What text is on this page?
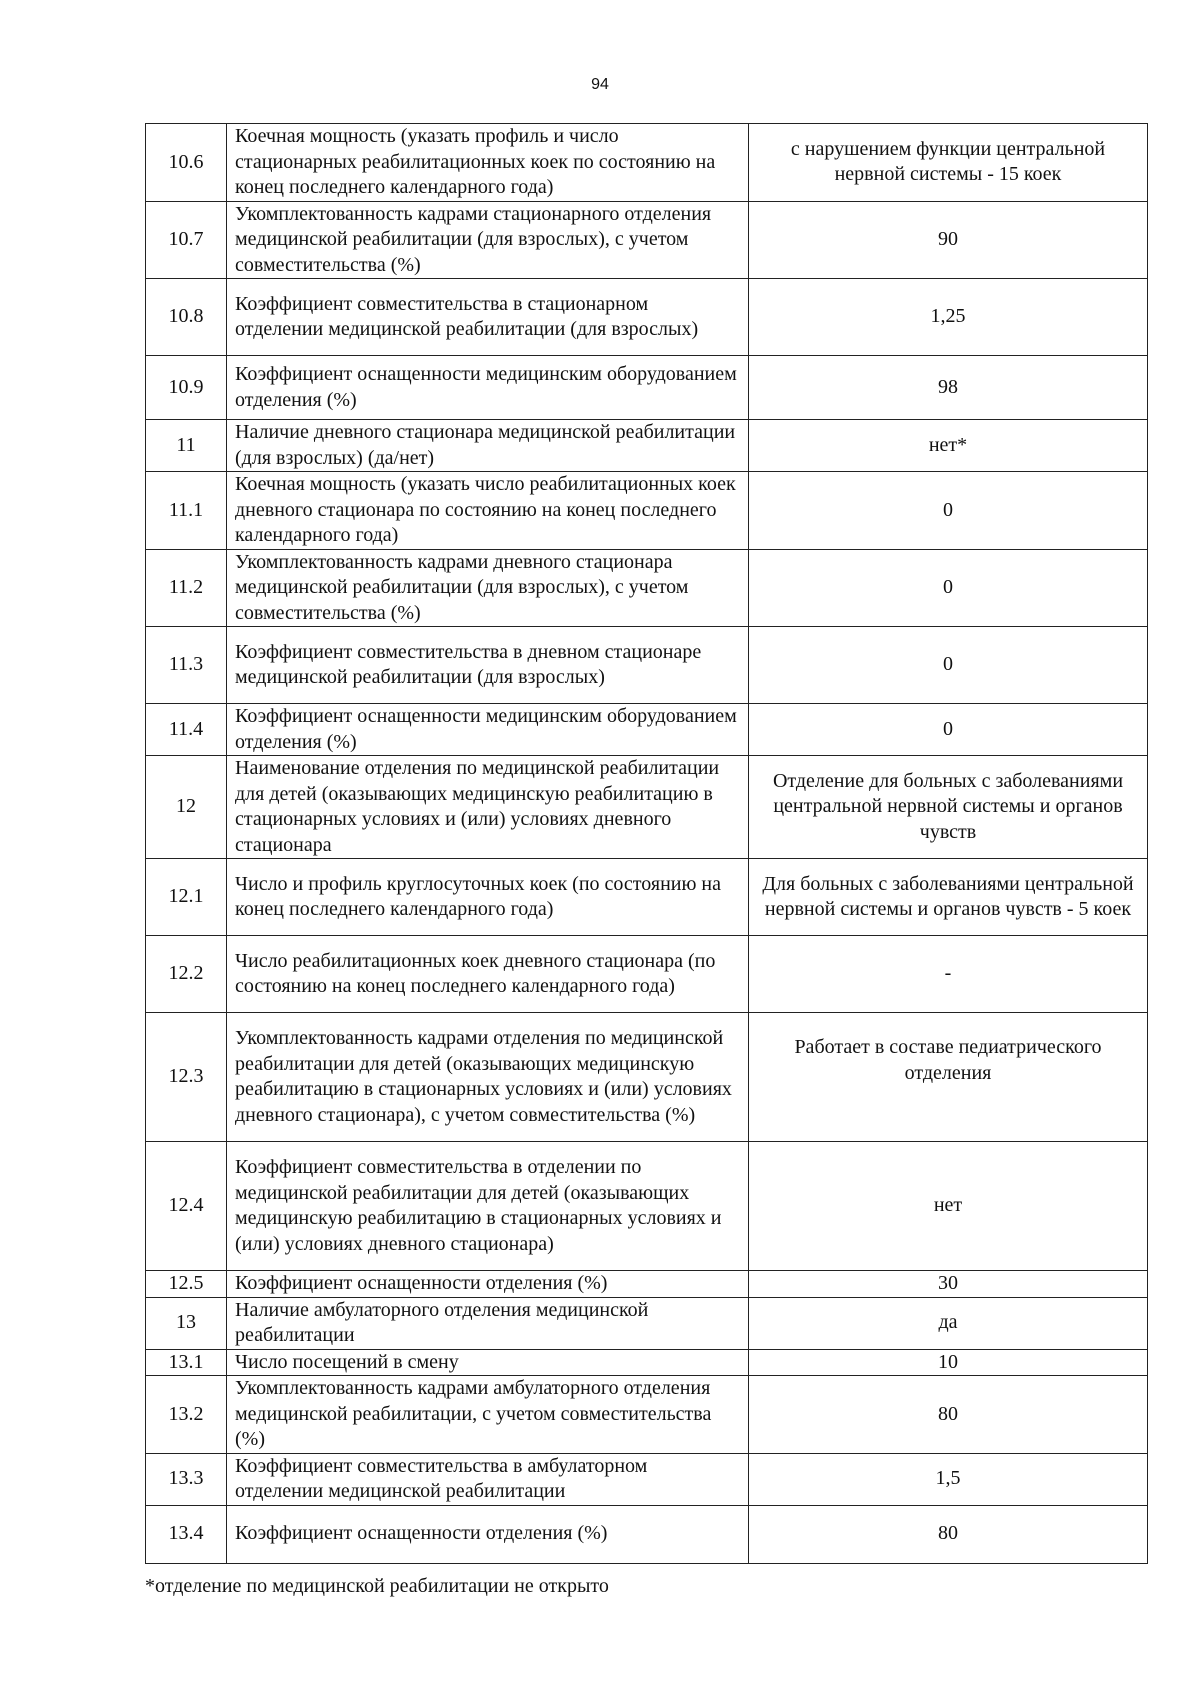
94
10.6	Коечная мощность (указать профиль и число стационарных реабилитационных коек по состоянию на конец последнего календарного года)	с нарушением функции центральной нервной системы - 15 коек
10.7	Укомплектованность кадрами стационарного отделения медицинской реабилитации (для взрослых), с учетом совместительства (%)	90
10.8	Коэффициент совместительства в стационарном отделении медицинской реабилитации (для взрослых)	1,25
10.9	Коэффициент оснащенности медицинским оборудованием отделения (%)	98
11	Наличие дневного стационара медицинской реабилитации (для взрослых) (да/нет)	нет*
11.1	Коечная мощность (указать число реабилитационных коек дневного стационара по состоянию на конец последнего календарного года)	0
11.2	Укомплектованность кадрами дневного стационара медицинской реабилитации (для взрослых), с учетом совместительства (%)	0
11.3	Коэффициент совместительства в дневном стационаре медицинской реабилитации (для взрослых)	0
11.4	Коэффициент оснащенности медицинским оборудованием отделения (%)	0
12	Наименование отделения по медицинской реабилитации для детей (оказывающих медицинскую реабилитацию в стационарных условиях и (или) условиях дневного стационара	Отделение для больных с заболеваниями центральной нервной системы и органов чувств
12.1	Число и профиль круглосуточных коек (по состоянию на конец последнего календарного года)	Для больных с заболеваниями центральной нервной системы и органов чувств - 5 коек
12.2	Число реабилитационных коек дневного стационара (по состоянию на конец последнего календарного года)	-
12.3	Укомплектованность кадрами отделения по медицинской реабилитации для детей (оказывающих медицинскую реабилитацию в стационарных условиях и (или) условиях дневного стационара), с учетом совместительства (%)	Работает в составе педиатрического отделения
12.4	Коэффициент совместительства в отделении по медицинской реабилитации для детей (оказывающих медицинскую реабилитацию в стационарных условиях и (или) условиях дневного стационара)	нет
12.5	Коэффициент оснащенности отделения (%)	30
13	Наличие амбулаторного отделения медицинской реабилитации	да
13.1	Число посещений в смену	10
13.2	Укомплектованность кадрами амбулаторного отделения медицинской реабилитации, с учетом совместительства (%)	80
13.3	Коэффициент совместительства в амбулаторном отделении медицинской реабилитации	1,5
13.4	Коэффициент оснащенности отделения (%)	80
*отделение по медицинской реабилитации не открыто
